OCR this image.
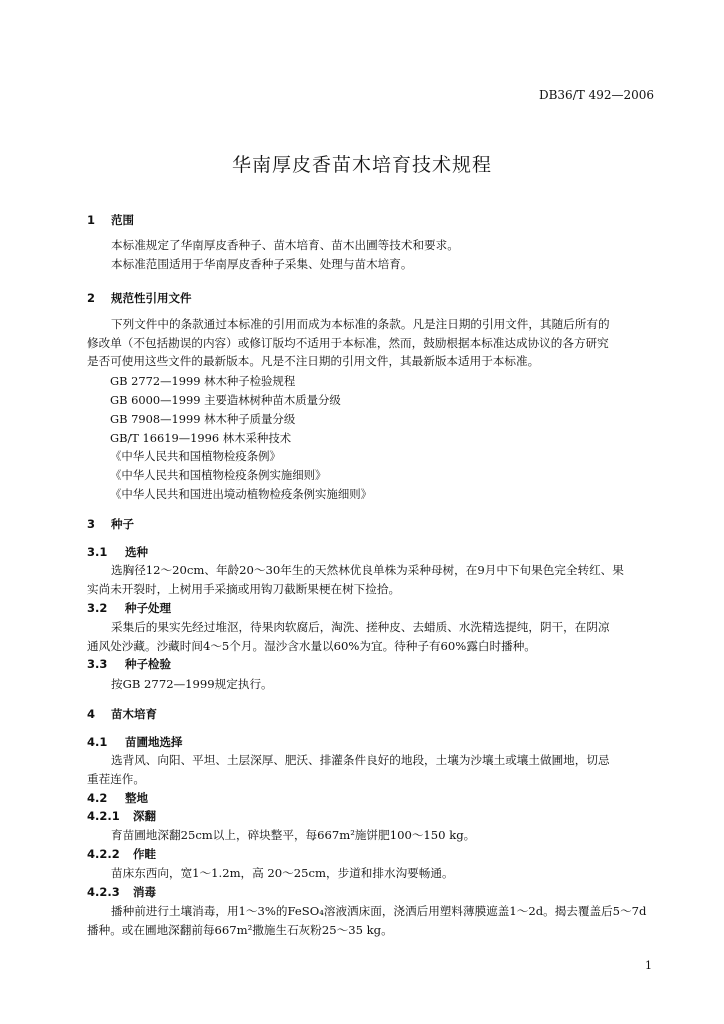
DB36/T 492—2006
华南厚皮香苗木培育技术规程
1 范围

本标准规定了华南厚皮香种子、苗木培育、苗木出圃等技术和要求。

本标准范围适用于华南厚皮香种子采集、处理与苗木培育。

2 规范性引用文件

下列文件中的条款通过本标准的引用而成为本标准的条款。凡是注日期的引用文件，其随后所有的

修改单（不包括勘误的内容）或修订版均不适用于本标准，然而，鼓励根据本标准达成协议的各方研究

是否可使用这些文件的最新版本。凡是不注日期的引用文件，其最新版本适用于本标准。

GB 2772—1999 林木种子检验规程
GB 6000—1999 主要造林树种苗木质量分级
GB 7908—1999 林木种子质量分级
GB/T 16619—1996 林木采种技术
《中华人民共和国植物检疫条例》
《中华人民共和国植物检疫条例实施细则》
《中华人民共和国进出境动植物检疫条例实施细则》
3 种子
3.1 选种

选胸径12～20cm、年龄20～30年生的天然林优良单株为采种母树，在9月中下旬果色完全转红、果

实尚未开裂时，上树用手采摘或用钩刀截断果梗在树下捡拾。

3.2 种子处理

采集后的果实先经过堆沤，待果肉软腐后，淘洗、搓种皮、去蜡质、水洗精选提纯，阴干，在阴凉

通风处沙藏。沙藏时间4～5个月。湿沙含水量以60%为宜。待种子有60%露白时播种。

3.3 种子检验

按GB 2772—1999规定执行。

4 苗木培育
4.1 苗圃地选择

选背风、向阳、平坦、土层深厚、肥沃、排灌条件良好的地段，土壤为沙壤土或壤土做圃地，切忌

重茬连作。

4.2 整地
4.2.1 深翻

育苗圃地深翻25cm以上，碎块整平，每667m²施饼肥100～150 kg。

4.2.2 作畦

苗床东西向，宽1～1.2m，高 20～25cm，步道和排水沟要畅通。

4.2.3 消毒

播种前进行土壤消毒，用1～3%的FeSO₄溶液洒床面，浇洒后用塑料薄膜遮盖1～2d。揭去覆盖后5～7d

播种。或在圃地深翻前每667m²撒施生石灰粉25～35 kg。

1
